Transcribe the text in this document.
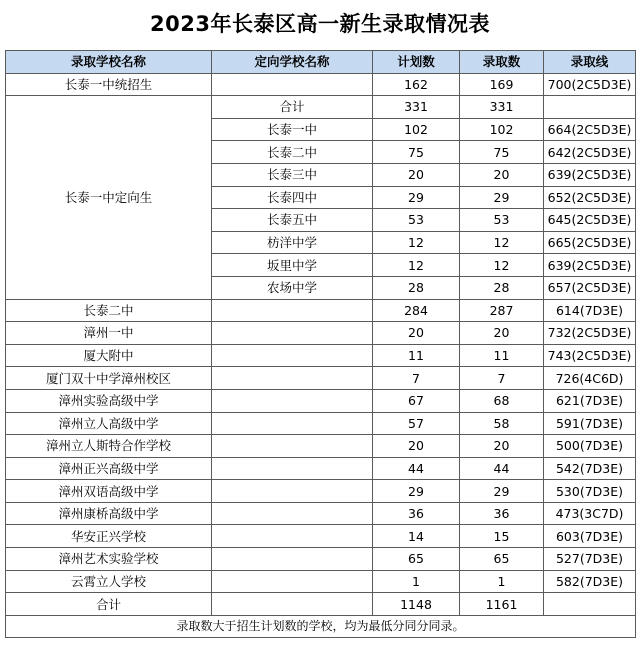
2023年长泰区高一新生录取情况表
录取学校名称	定向学校名称	计划数	录取数	录取线
长泰一中统招生		162	169	700(2C5D3E)
长泰一中定向生	合计	331	331	
	长泰一中	102	102	664(2C5D3E)
	长泰二中	75	75	642(2C5D3E)
	长泰三中	20	20	639(2C5D3E)
	长泰四中	29	29	652(2C5D3E)
	长泰五中	53	53	645(2C5D3E)
	枋洋中学	12	12	665(2C5D3E)
	坂里中学	12	12	639(2C5D3E)
	农场中学	28	28	657(2C5D3E)
长泰二中		284	287	614(7D3E)
漳州一中		20	20	732(2C5D3E)
厦大附中		11	11	743(2C5D3E)
厦门双十中学漳州校区		7	7	726(4C6D)
漳州实验高级中学		67	68	621(7D3E)
漳州立人高级中学		57	58	591(7D3E)
漳州立人斯特合作学校		20	20	500(7D3E)
漳州正兴高级中学		44	44	542(7D3E)
漳州双语高级中学		29	29	530(7D3E)
漳州康桥高级中学		36	36	473(3C7D)
华安正兴学校		14	15	603(7D3E)
漳州艺术实验学校		65	65	527(7D3E)
云霄立人学校		1	1	582(7D3E)
合计		1148	1161	
录取数大于招生计划数的学校，均为最低分同分同录。				
